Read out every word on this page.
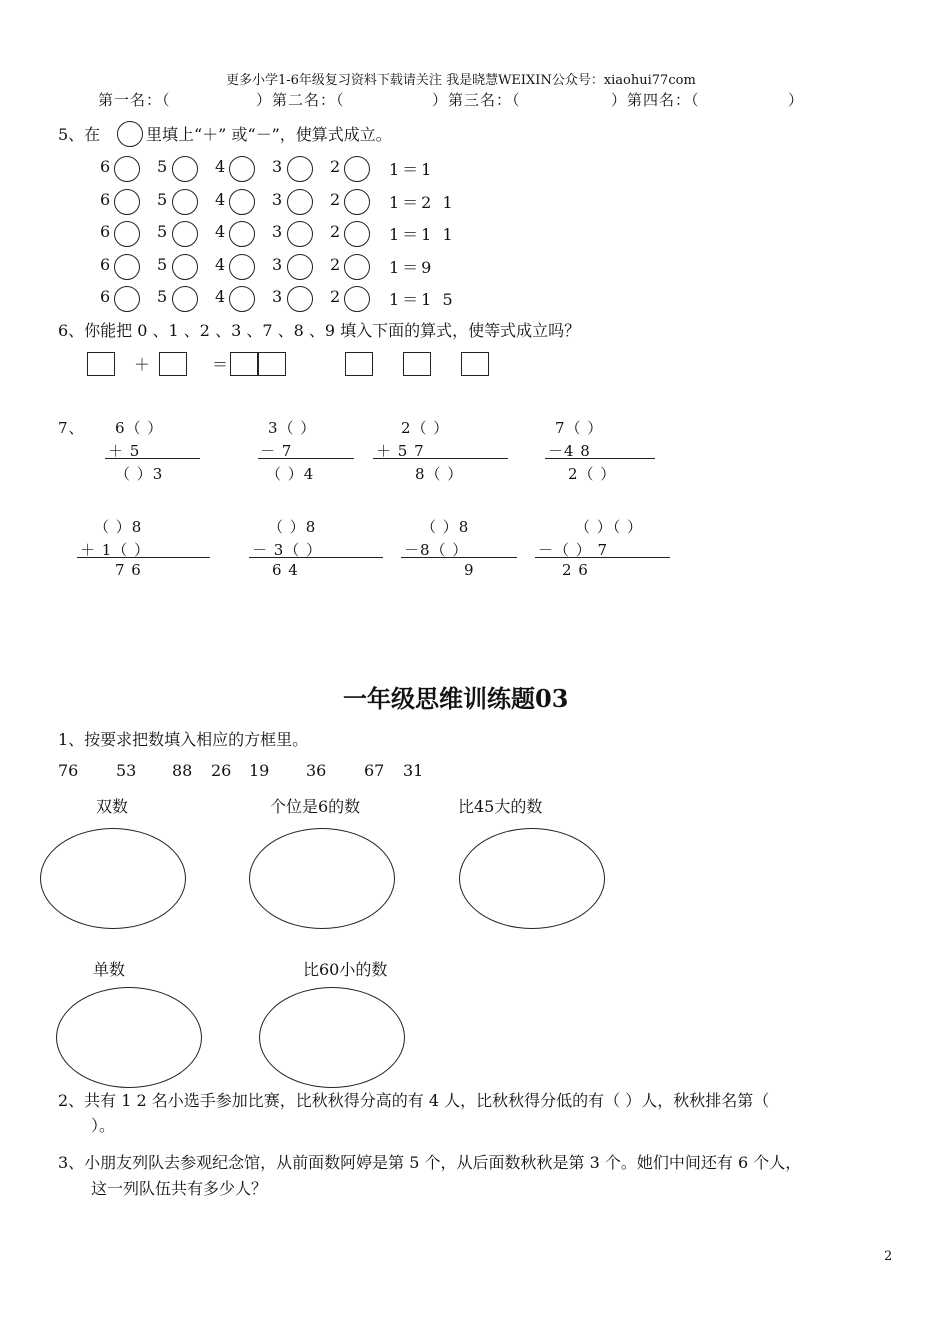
更多小学1-6年级复习资料下载请关注 我是晓慧WEIXIN公众号：xiaohui77com
第一名：（	）第二名：（	）第三名：（	）第四名：（	）
5、在	里填上“＋” 或“－”，使算式成立。
6	5	4	3	2	1＝1
6	5	4	3	2	1＝2 1
6	5	4	3	2	1＝1 1
6	5	4	3	2	1＝9
6	5	4	3	2	1＝1 5
6、你能把 0 、1 、2 、3 、7 、8 、9 填入下面的算式，使等式成立吗？
＋	＝
7、 6（ ）
＋ 5
（ ）3
3（ ）
－ 7
（ ）4
2（ ）
＋ 5 7
8（ ）
7（ ）
－4 8
2（ ）
（ ）8
＋ 1（ ）
7 6
（ ）8
－ 3（ ）
6 4
（ ）8
－8（ ）
9
（ ）（ ）
－（ ） 7
2 6
一年级思维训练题03
1、按要求把数填入相应的方框里。
76 53 88 26 19 36 67 31
双数	个位是6的数	比45大的数
单数	比60小的数
2、共有 1 2 名小选手参加比赛，比秋秋得分高的有 4 人，比秋秋得分低的有（ ）人，秋秋排名第（
）。
3、小朋友列队去参观纪念馆，从前面数阿婷是第 5 个，从后面数秋秋是第 3 个。她们中间还有 6 个人，
这一列队伍共有多少人？
2
